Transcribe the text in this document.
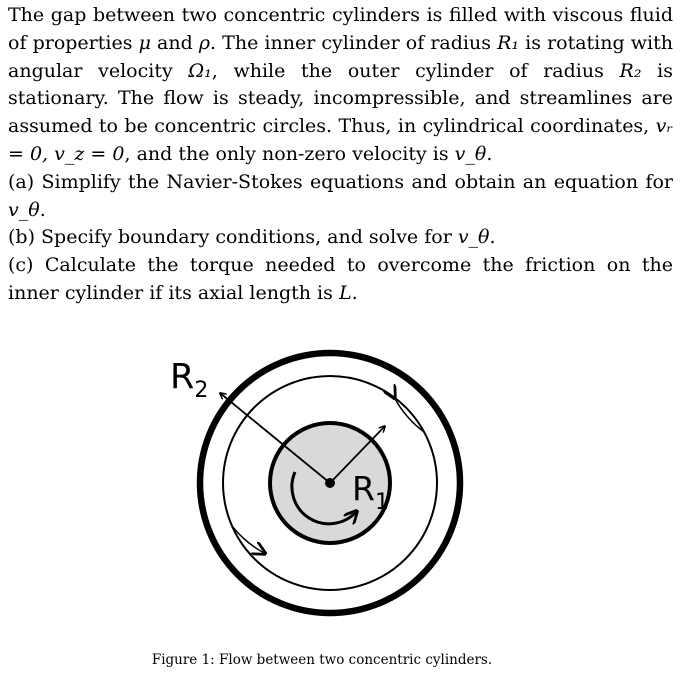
The gap between two concentric cylinders is filled with viscous fluid of properties μ and ρ. The inner cylinder of radius R₁ is rotating with angular velocity Ω₁, while the outer cylinder of radius R₂ is stationary. The flow is steady, incompressible, and streamlines are assumed to be concentric circles. Thus, in cylindrical coordinates, vᵣ = 0, v_z = 0, and the only non-zero velocity is v_θ.

(a) Simplify the Navier-Stokes equations and obtain an equation for v_θ.

(b) Specify boundary conditions, and solve for v_θ.

(c) Calculate the torque needed to overcome the friction on the inner cylinder if its axial length is L.

$R_2$
$R_1$
Figure 1: Flow between two concentric cylinders.
